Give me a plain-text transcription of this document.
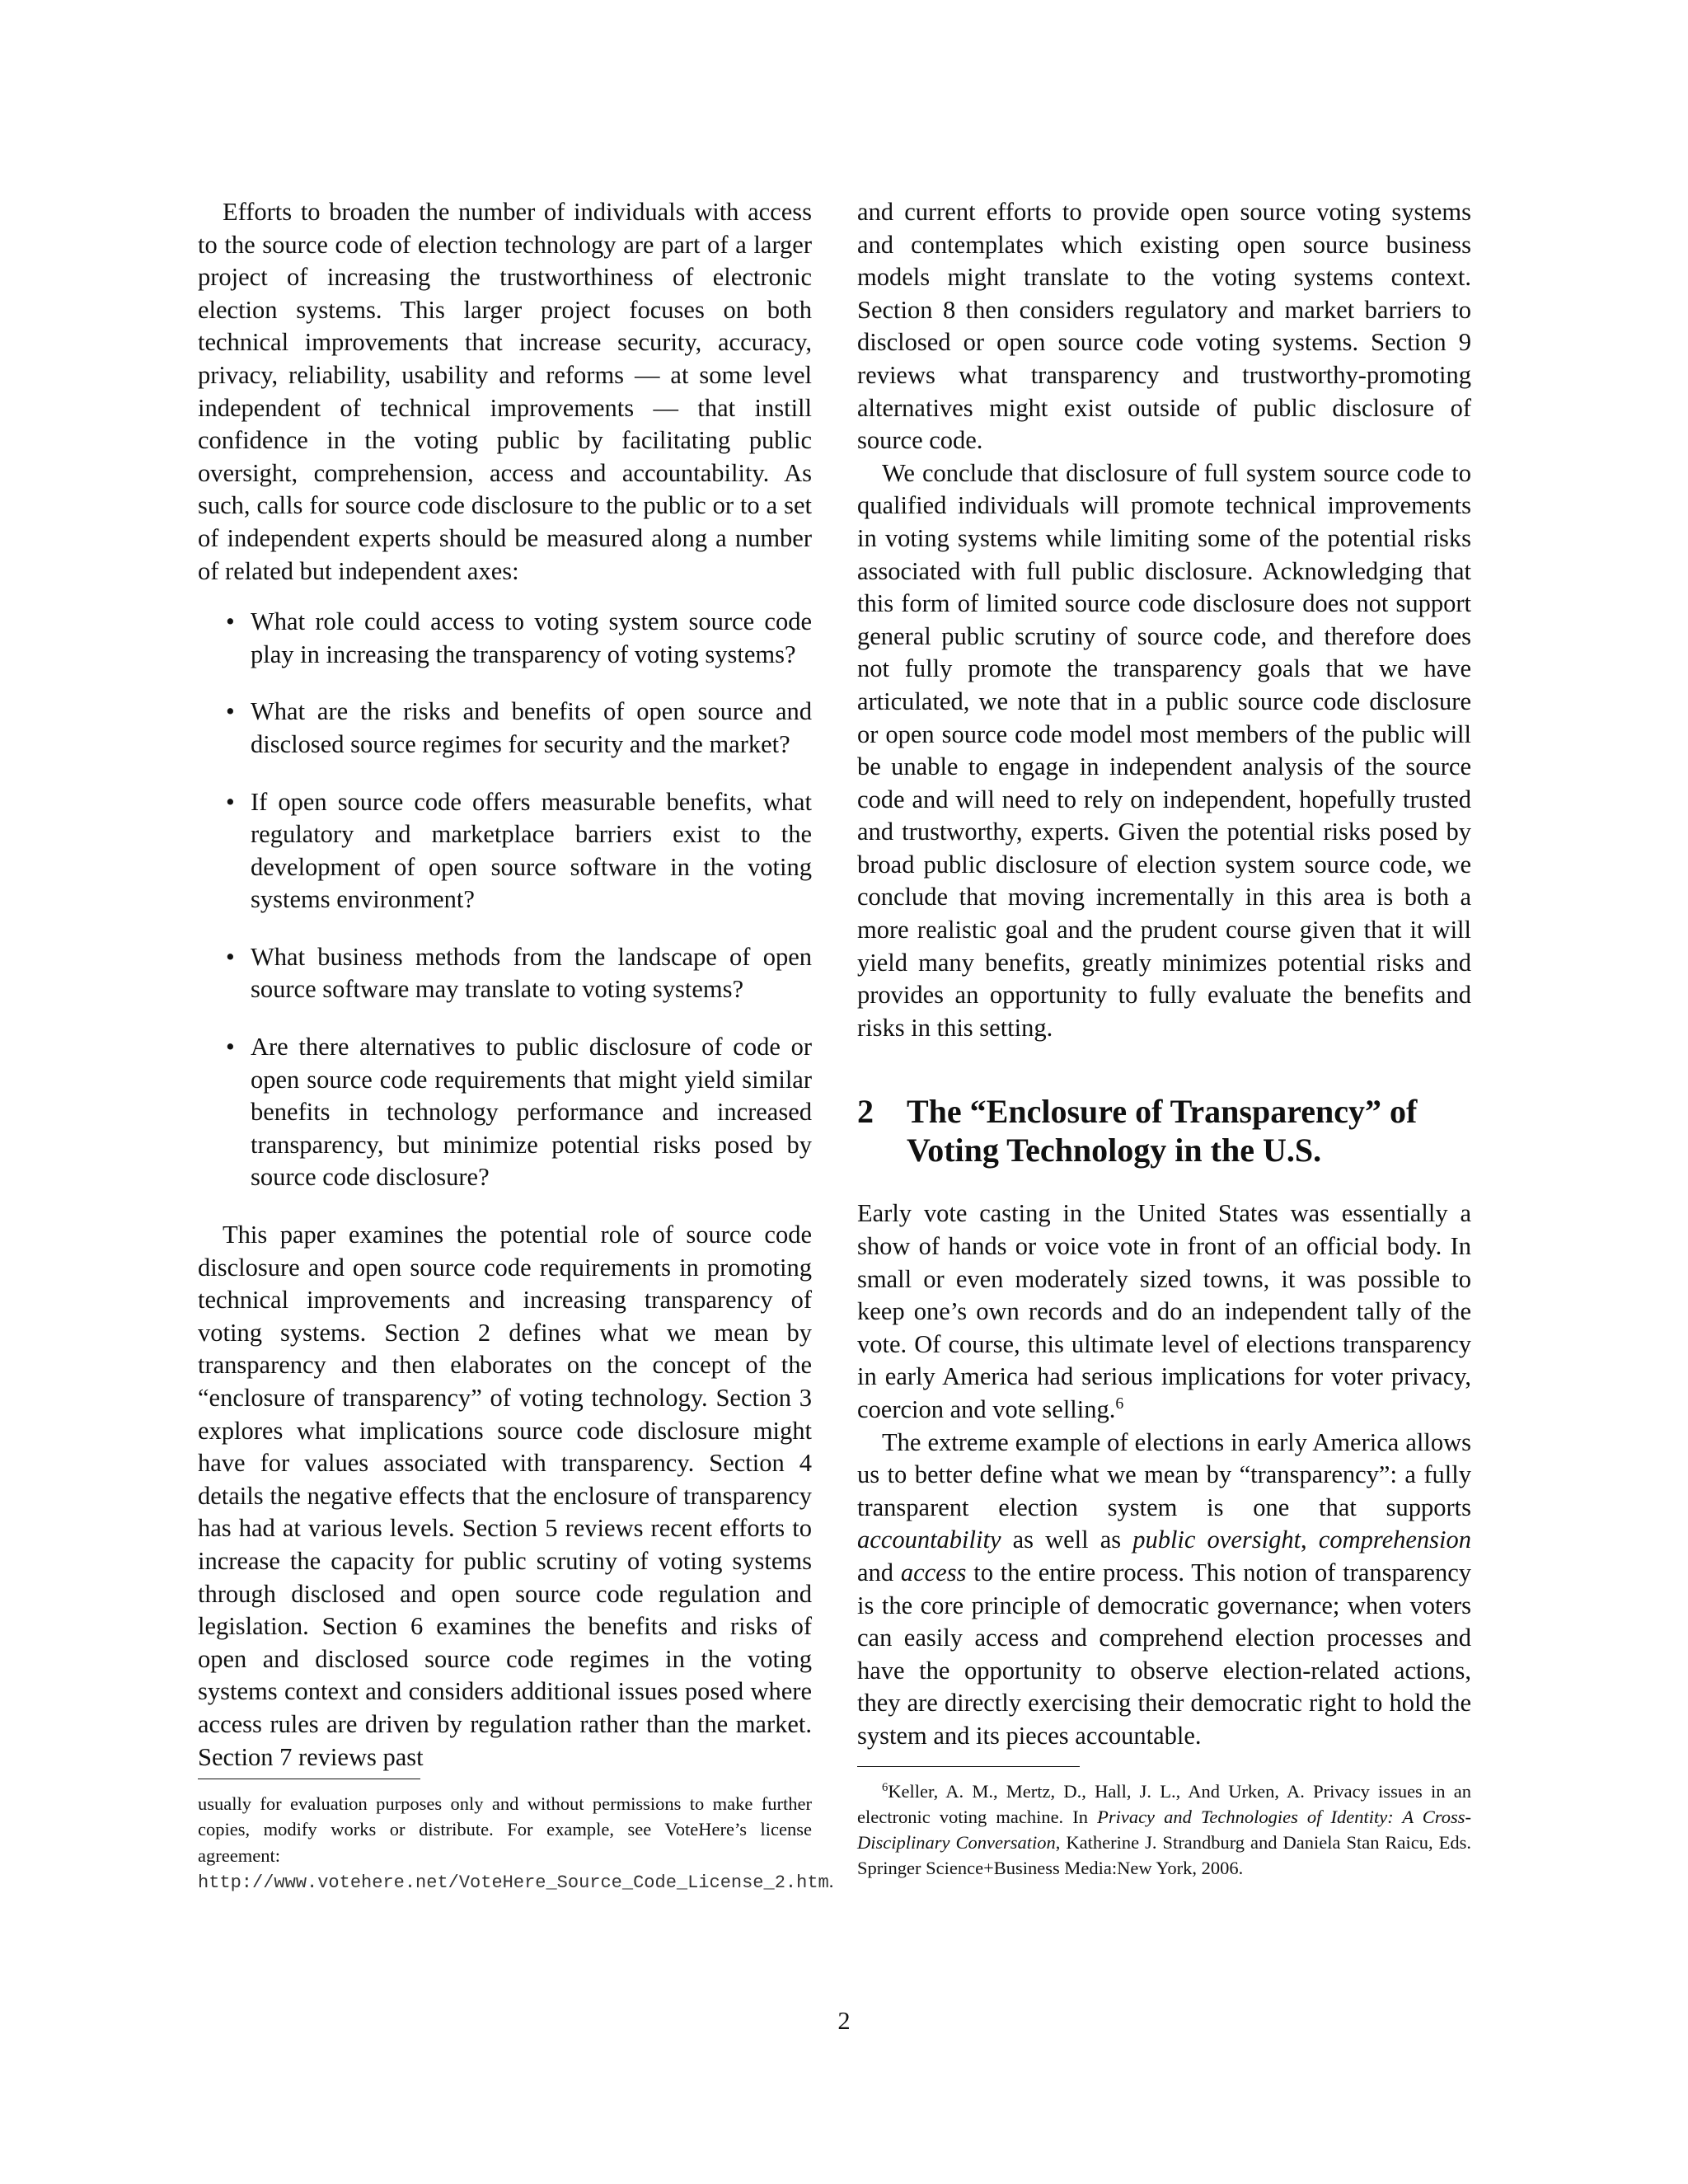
Efforts to broaden the number of individuals with access to the source code of election technology are part of a larger project of increasing the trustworthiness of electronic election systems. This larger project focuses on both technical improvements that increase security, accuracy, privacy, reliability, usability and reforms — at some level independent of technical improvements — that instill confidence in the voting public by facilitating public oversight, comprehension, access and accountability. As such, calls for source code disclosure to the public or to a set of independent experts should be measured along a number of related but independent axes:

• What role could access to voting system source code play in increasing the transparency of voting systems?
• What are the risks and benefits of open source and disclosed source regimes for security and the market?
• If open source code offers measurable benefits, what regulatory and marketplace barriers exist to the development of open source software in the voting systems environment?
• What business methods from the landscape of open source software may translate to voting systems?
• Are there alternatives to public disclosure of code or open source code requirements that might yield similar benefits in technology performance and increased transparency, but minimize potential risks posed by source code disclosure?

This paper examines the potential role of source code disclosure and open source code requirements in promoting technical improvements and increasing transparency of voting systems. Section 2 defines what we mean by transparency and then elaborates on the concept of the “enclosure of transparency” of voting technology. Section 3 explores what implications source code disclosure might have for values associated with transparency. Section 4 details the negative effects that the enclosure of transparency has had at various levels. Section 5 reviews recent efforts to increase the capacity for public scrutiny of voting systems through disclosed and open source code regulation and legislation. Section 6 examines the benefits and risks of open and disclosed source code regimes in the voting systems context and considers additional issues posed where access rules are driven by regulation rather than the market. Section 7 reviews past

usually for evaluation purposes only and without permissions to make further copies, modify works or distribute. For example, see VoteHere’s license agreement: http://www.votehere.net/VoteHere_Source_Code_License_2.htm.

and current efforts to provide open source voting systems and contemplates which existing open source business models might translate to the voting systems context. Section 8 then considers regulatory and market barriers to disclosed or open source code voting systems. Section 9 reviews what transparency and trustworthy-promoting alternatives might exist outside of public disclosure of source code.

We conclude that disclosure of full system source code to qualified individuals will promote technical improvements in voting systems while limiting some of the potential risks associated with full public disclosure. Acknowledging that this form of limited source code disclosure does not support general public scrutiny of source code, and therefore does not fully promote the transparency goals that we have articulated, we note that in a public source code disclosure or open source code model most members of the public will be unable to engage in independent analysis of the source code and will need to rely on independent, hopefully trusted and trustworthy, experts. Given the potential risks posed by broad public disclosure of election system source code, we conclude that moving incrementally in this area is both a more realistic goal and the prudent course given that it will yield many benefits, greatly minimizes potential risks and provides an opportunity to fully evaluate the benefits and risks in this setting.

2	The “Enclosure of Transparency” of Voting Technology in the U.S.

Early vote casting in the United States was essentially a show of hands or voice vote in front of an official body. In small or even moderately sized towns, it was possible to keep one’s own records and do an independent tally of the vote. Of course, this ultimate level of elections transparency in early America had serious implications for voter privacy, coercion and vote selling.$^6$

The extreme example of elections in early America allows us to better define what we mean by “transparency”: a fully transparent election system is one that supports accountability as well as public oversight, comprehension and access to the entire process. This notion of transparency is the core principle of democratic governance; when voters can easily access and comprehend election processes and have the opportunity to observe election-related actions, they are directly exercising their democratic right to hold the system and its pieces accountable.

$^6$Keller, A. M., Mertz, D., Hall, J. L., And Urken, A. Privacy issues in an electronic voting machine. In Privacy and Technologies of Identity: A Cross-Disciplinary Conversation, Katherine J. Strandburg and Daniela Stan Raicu, Eds. Springer Science+Business Media:New York, 2006.

2
